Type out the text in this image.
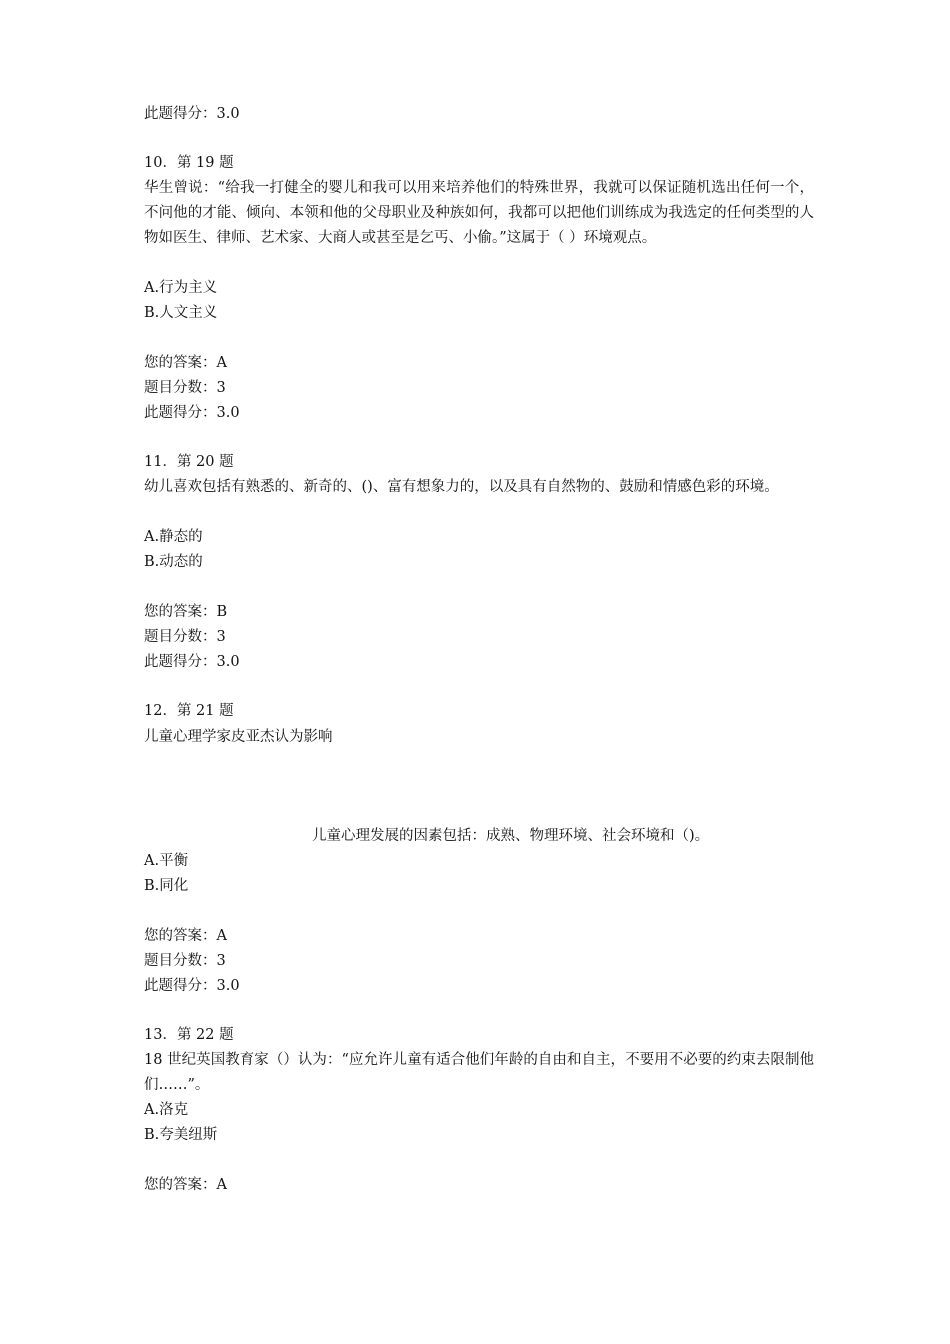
此题得分：3.0
10．第 19 题
华生曾说：“给我一打健全的婴儿和我可以用来培养他们的特殊世界，我就可以保证随机选出任何一个，不问他的才能、倾向、本领和他的父母职业及种族如何，我都可以把他们训练成为我选定的任何类型的人物如医生、律师、艺术家、大商人或甚至是乞丐、小偷。”这属于（ ）环境观点。
A.行为主义
B.人文主义
您的答案：A
题目分数：3
此题得分：3.0
11．第 20 题
幼儿喜欢包括有熟悉的、新奇的、()、富有想象力的，以及具有自然物的、鼓励和情感色彩的环境。
A.静态的
B.动态的
您的答案：B
题目分数：3
此题得分：3.0
12．第 21 题
儿童心理学家皮亚杰认为影响
儿童心理发展的因素包括：成熟、物理环境、社会环境和（)。
A.平衡
B.同化
您的答案：A
题目分数：3
此题得分：3.0
13．第 22 题
18 世纪英国教育家（）认为：“应允许儿童有适合他们年龄的自由和自主，不要用不必要的约束去限制他们……”。
A.洛克
B.夸美纽斯
您的答案：A
